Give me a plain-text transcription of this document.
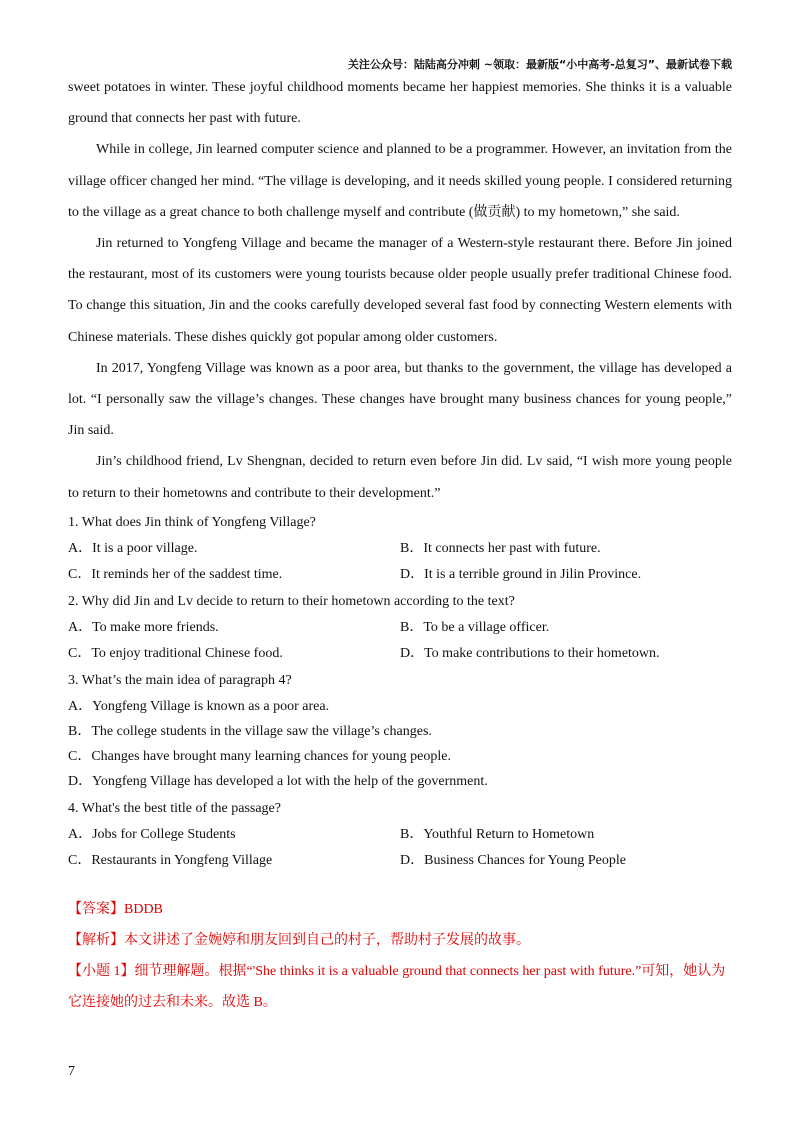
关注公众号：陆陆高分冲刺 ~领取：最新版“小中高考-总复习”、最新试卷下载

sweet potatoes in winter. These joyful childhood moments became her happiest memories. She thinks it is a valuable ground that connects her past with future.

While in college, Jin learned computer science and planned to be a programmer. However, an invitation from the village officer changed her mind. “The village is developing, and it needs skilled young people. I considered returning to the village as a great chance to both challenge myself and contribute (做贡献) to my hometown,” she said.

Jin returned to Yongfeng Village and became the manager of a Western-style restaurant there. Before Jin joined the restaurant, most of its customers were young tourists because older people usually prefer traditional Chinese food. To change this situation, Jin and the cooks carefully developed several fast food by connecting Western elements with Chinese materials. These dishes quickly got popular among older customers.

In 2017, Yongfeng Village was known as a poor area, but thanks to the government, the village has developed a lot. “I personally saw the village’s changes. These changes have brought many business chances for young people,” Jin said.

Jin’s childhood friend, Lv Shengnan, decided to return even before Jin did. Lv said, “I wish more young people to return to their hometowns and contribute to their development.”

1. What does Jin think of Yongfeng Village?
A．It is a poor village.	B．It connects her past with future.
C．It reminds her of the saddest time.	D．It is a terrible ground in Jilin Province.
2. Why did Jin and Lv decide to return to their hometown according to the text?
A．To make more friends.	B．To be a village officer.
C．To enjoy traditional Chinese food.	D．To make contributions to their hometown.
3. What’s the main idea of paragraph 4?
A．Yongfeng Village is known as a poor area.
B．The college students in the village saw the village’s changes.
C．Changes have brought many learning chances for young people.
D．Yongfeng Village has developed a lot with the help of the government.
4. What's the best title of the passage?
A．Jobs for College Students	B．Youthful Return to Hometown
C．Restaurants in Yongfeng Village	D．Business Chances for Young People
【答案】BDDB
【解析】本文讲述了金婉婷和朋友回到自己的村子，帮助村子发展的故事。
【小题 1】细节理解题。根据“'She thinks it is a valuable ground that connects her past with future.”可知，她认为它连接她的过去和未来。故选 B。
7
